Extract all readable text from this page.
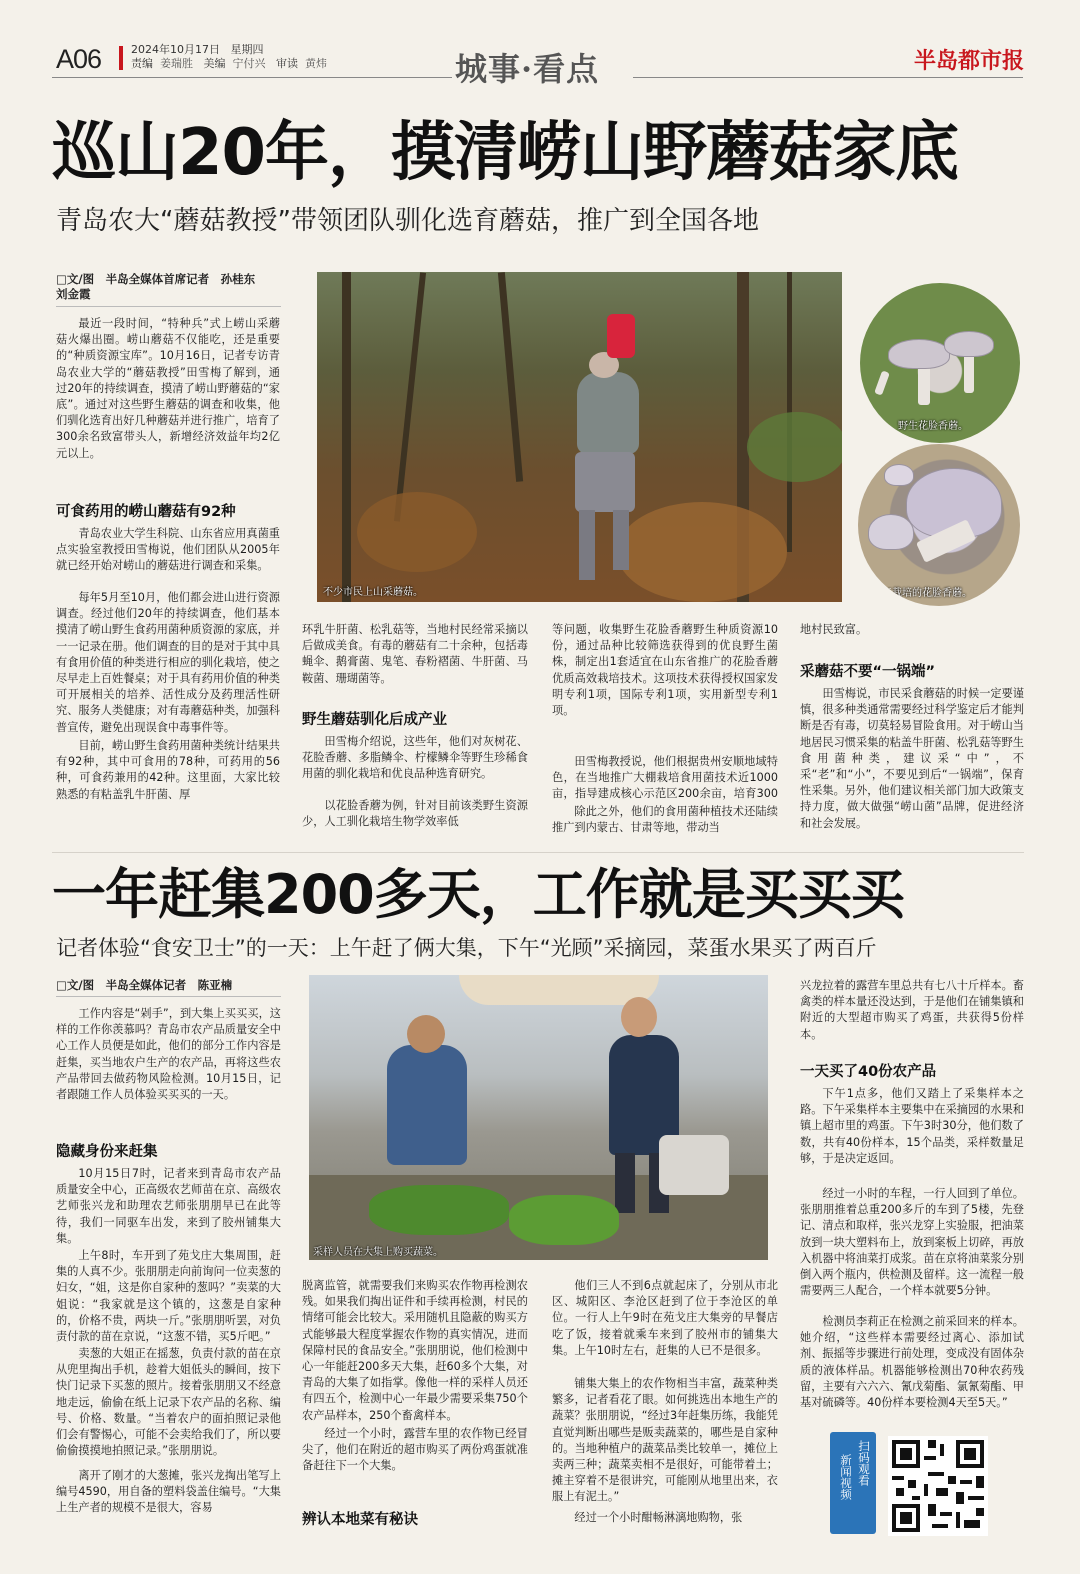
A06	2024年10月17日 星期四
责编 姜瑞胜 美编 宁付兴 审读 黄炜	城事·看点	半岛都市报
巡山20年，摸清崂山野蘑菇家底
青岛农大“蘑菇教授”带领团队驯化选育蘑菇，推广到全国各地
□文/图　半岛全媒体首席记者　孙桂东
刘金霞
最近一段时间，“特种兵”式上崂山采蘑菇火爆出圈。崂山蘑菇不仅能吃，还是重要的“种质资源宝库”。10月16日，记者专访青岛农业大学的“蘑菇教授”田雪梅了解到，通过20年的持续调查，摸清了崂山野蘑菇的“家底”。通过对这些野生蘑菇的调查和收集，他们驯化选育出好几种蘑菇并进行推广，培育了300余名致富带头人，新增经济效益年均2亿元以上。
可食药用的崂山蘑菇有92种
青岛农业大学生科院、山东省应用真菌重点实验室教授田雪梅说，他们团队从2005年就已经开始对崂山的蘑菇进行调查和采集。
每年5月至10月，他们都会进山进行资源调查。经过他们20年的持续调查，他们基本摸清了崂山野生食药用菌种质资源的家底，并一一记录在册。他们调查的目的是对于其中具有食用价值的种类进行相应的驯化栽培，使之尽早走上百姓餐桌；对于具有药用价值的种类可开展相关的培养、活性成分及药理活性研究、服务人类健康；对有毒蘑菇种类，加强科普宣传，避免出现误食中毒事件等。
目前，崂山野生食药用菌种类统计结果共有92种，其中可食用的78种，可药用的56种，可食药兼用的42种。这里面，大家比较熟悉的有粘盖乳牛肝菌、厚
环乳牛肝菌、松乳菇等，当地村民经常采摘以后做成美食。有毒的蘑菇有二十余种，包括毒蝇伞、鹅膏菌、鬼笔、春粉褶菌、牛肝菌、马鞍菌、珊瑚菌等。
野生蘑菇驯化后成产业
田雪梅介绍说，这些年，他们对灰树花、花脸香蘑、多脂鳞伞、柠檬鳞伞等野生珍稀食用菌的驯化栽培和优良品种选育研究。
以花脸香蘑为例，针对目前该类野生资源少，人工驯化栽培生物学效率低
等问题，收集野生花脸香蘑野生种质资源10份，通过品种比较筛选获得到的优良野生菌株，制定出1套适宜在山东省推广的花脸香蘑优质高效栽培技术。这项技术获得授权国家发明专利1项，国际专利1项，实用新型专利1项。
田雪梅教授说，他们根据贵州安顺地域特色，在当地推广大棚栽培食用菌技术近1000亩，指导建成核心示范区200余亩，培育300
除此之外，他们的食用菌种植技术还陆续推广到内蒙古、甘肃等地，带动当
地村民致富。
采蘑菇不要“一锅端”
田雪梅说，市民采食蘑菇的时候一定要谨慎，很多种类通常需要经过科学鉴定后才能判断是否有毒，切莫轻易冒险食用。对于崂山当地居民习惯采集的粘盖牛肝菌、松乳菇等野生食用菌种类，建议采“中”，不采“老”和“小”，不要见到后“一锅端”，保育性采集。另外，他们建议相关部门加大政策支持力度，做大做强“崂山菌”品牌，促进经济和社会发展。
不少市民上山采蘑菇。
野生花脸香蘑。
人工栽培的花脸香蘑。
一年赶集200多天，工作就是买买买
记者体验“食安卫士”的一天：上午赶了俩大集，下午“光顾”采摘园，菜蛋水果买了两百斤
□文/图　半岛全媒体记者　陈亚楠
工作内容是“剁手”，到大集上买买买，这样的工作你羡慕吗？青岛市农产品质量安全中心工作人员便是如此，他们的部分工作内容是赶集，买当地农户生产的农产品，再将这些农产品带回去做药物风险检测。10月15日，记者跟随工作人员体验买买买的一天。
隐藏身份来赶集
10月15日7时，记者来到青岛市农产品质量安全中心，正高级农艺师苗在京、高级农艺师张兴龙和助理农艺师张朋朋早已在此等待，我们一同驱车出发，来到了胶州铺集大集。
上午8时，车开到了苑戈庄大集周围，赶集的人真不少。张朋朋走向前询问一位卖葱的妇女，“姐，这是你自家种的葱吗？”卖菜的大姐说：“我家就是这个镇的，这葱是自家种的，价格不贵，两块一斤。”张朋朋听罢，对负责付款的苗在京说，“这葱不错，买5斤吧。”
卖葱的大姐正在摇葱，负责付款的苗在京从兜里掏出手机，趁着大姐低头的瞬间，按下快门记录下买葱的照片。接着张朋朋又不经意地走远，偷偷在纸上记录下农产品的名称、编号、价格、数量。“当着农户的面拍照记录他们会有警惕心，可能不会卖给我们了，所以要偷偷摸摸地拍照记录。”张朋朋说。
离开了刚才的大葱摊，张兴龙掏出笔写上编号4590，用自备的塑料袋盖住编号。“大集上生产者的规模不是很大，容易
脱离监管，就需要我们来购买农作物再检测农残。如果我们掏出证件和手续再检测，村民的情绪可能会比较大。采用随机且隐蔽的购买方式能够最大程度掌握农作物的真实情况，进而保障村民的食品安全。”张朋朋说，他们检测中心一年能赶200多天大集，赶60多个大集，对青岛的大集了如指掌。像他一样的采样人员还有四五个，检测中心一年最少需要采集750个农产品样本，250个畜禽样本。
经过一个小时，露营车里的农作物已经冒尖了，他们在附近的超市购买了两份鸡蛋就准备赶往下一个大集。
辨认本地菜有秘诀
他们三人不到6点就起床了，分别从市北区、城阳区、李沧区赶到了位于李沧区的单位。一行人上午9时在苑戈庄大集旁的早餐店吃了饭，接着就乘车来到了胶州市的铺集大集。上午10时左右，赶集的人已不是很多。
铺集大集上的农作物相当丰富，蔬菜种类繁多，记者看花了眼。如何挑选出本地生产的蔬菜？张朋朋说，“经过3年赶集历练，我能凭直觉判断出哪些是贩卖蔬菜的，哪些是自家种的。当地种植户的蔬菜品类比较单一，摊位上卖两三种；蔬菜卖相不是很好，可能带着土；摊主穿着不是很讲究，可能刚从地里出来，衣服上有泥土。”
经过一个小时酣畅淋漓地购物，张
兴龙拉着的露营车里总共有七八十斤样本。畜禽类的样本量还没达到，于是他们在铺集镇和附近的大型超市购买了鸡蛋，共获得5份样本。
一天买了40份农产品
下午1点多，他们又踏上了采集样本之路。下午采集样本主要集中在采摘园的水果和镇上超市里的鸡蛋。下午3时30分，他们数了数，共有40份样本，15个品类，采样数量足够，于是决定返回。
经过一小时的车程，一行人回到了单位。张朋朋推着总重200多斤的车到了5楼，先登记、清点和取样，张兴龙穿上实验服，把油菜放到一块大塑料布上，放到案板上切碎，再放入机器中将油菜打成浆。苗在京将油菜浆分别倒入两个瓶内，供检测及留样。这一流程一般需要两三人配合，一个样本就要5分钟。
检测员李莉正在检测之前采回来的样本。她介绍，“这些样本需要经过离心、添加试剂、振摇等步骤进行前处理，变成没有固体杂质的液体样品。机器能够检测出70种农药残留，主要有六六六、氰戊菊酯、氯氰菊酯、甲基对硫磷等。40份样本要检测4天至5天。”
采样人员在大集上购买蔬菜。
扫码观看
新闻视频
